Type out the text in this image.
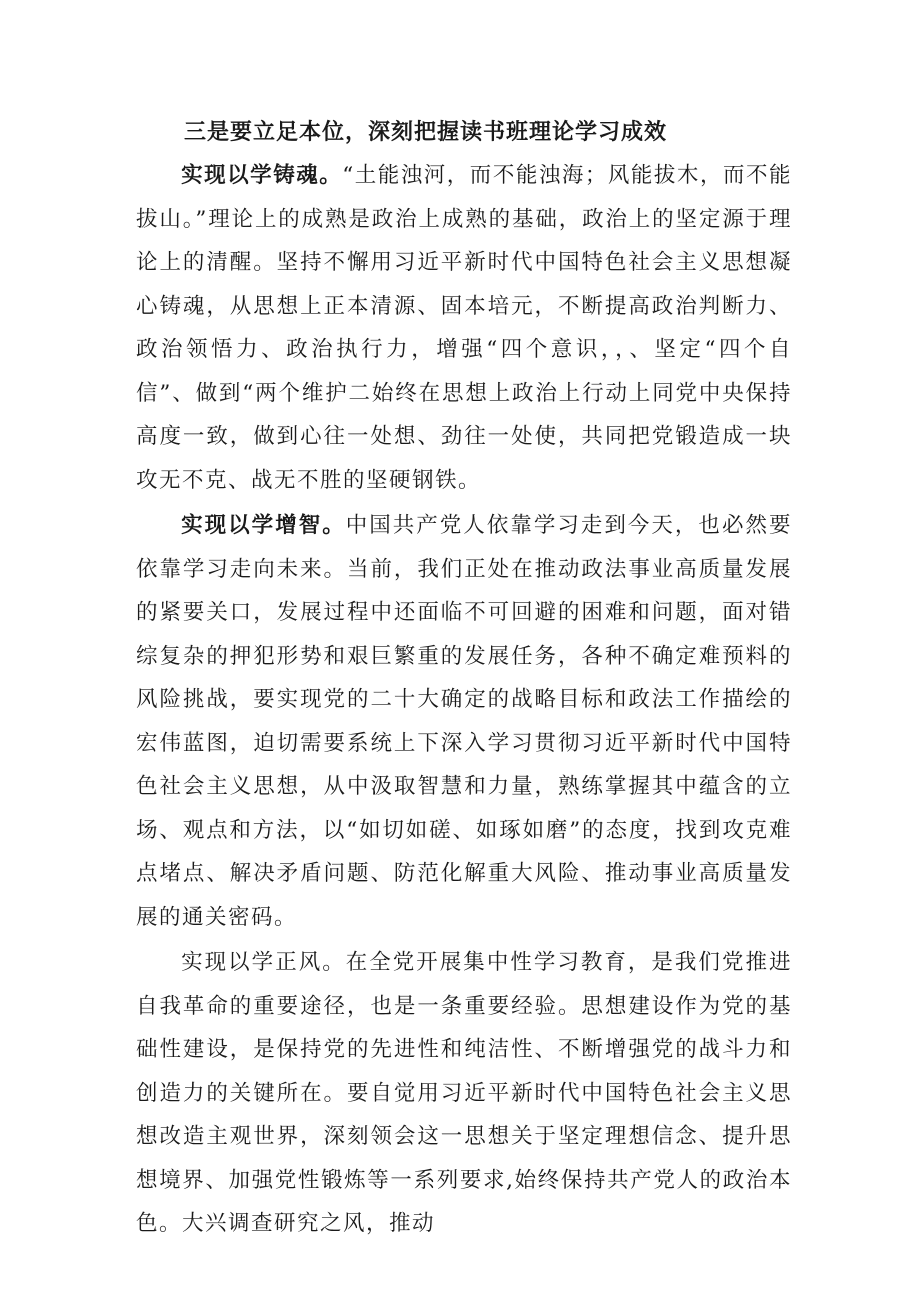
三是要立足本位，深刻把握读书班理论学习成效

实现以学铸魂。“土能浊河，而不能浊海；风能拔木，而不能拔山。”理论上的成熟是政治上成熟的基础，政治上的坚定源于理论上的清醒。坚持不懈用习近平新时代中国特色社会主义思想凝心铸魂，从思想上正本清源、固本培元，不断提高政治判断力、政治领悟力、政治执行力，增强“四个意识，，、坚定“四个自信”、做到“两个维护二始终在思想上政治上行动上同党中央保持高度一致，做到心往一处想、劲往一处使，共同把党锻造成一块攻无不克、战无不胜的坚硬钢铁。

实现以学增智。中国共产党人依靠学习走到今天，也必然要依靠学习走向未来。当前，我们正处在推动政法事业高质量发展的紧要关口，发展过程中还面临不可回避的困难和问题，面对错综复杂的押犯形势和艰巨繁重的发展任务，各种不确定难预料的风险挑战，要实现党的二十大确定的战略目标和政法工作描绘的宏伟蓝图，迫切需要系统上下深入学习贯彻习近平新时代中国特色社会主义思想，从中汲取智慧和力量，熟练掌握其中蕴含的立场、观点和方法，以“如切如磋、如琢如磨”的态度，找到攻克难点堵点、解决矛盾问题、防范化解重大风险、推动事业高质量发展的通关密码。

实现以学正风。在全党开展集中性学习教育，是我们党推进自我革命的重要途径，也是一条重要经验。思想建设作为党的基础性建设，是保持党的先进性和纯洁性、不断增强党的战斗力和创造力的关键所在。要自觉用习近平新时代中国特色社会主义思想改造主观世界，深刻领会这一思想关于坚定理想信念、提升思想境界、加强党性锻炼等一系列要求,始终保持共产党人的政治本色。大兴调查研究之风，推动
